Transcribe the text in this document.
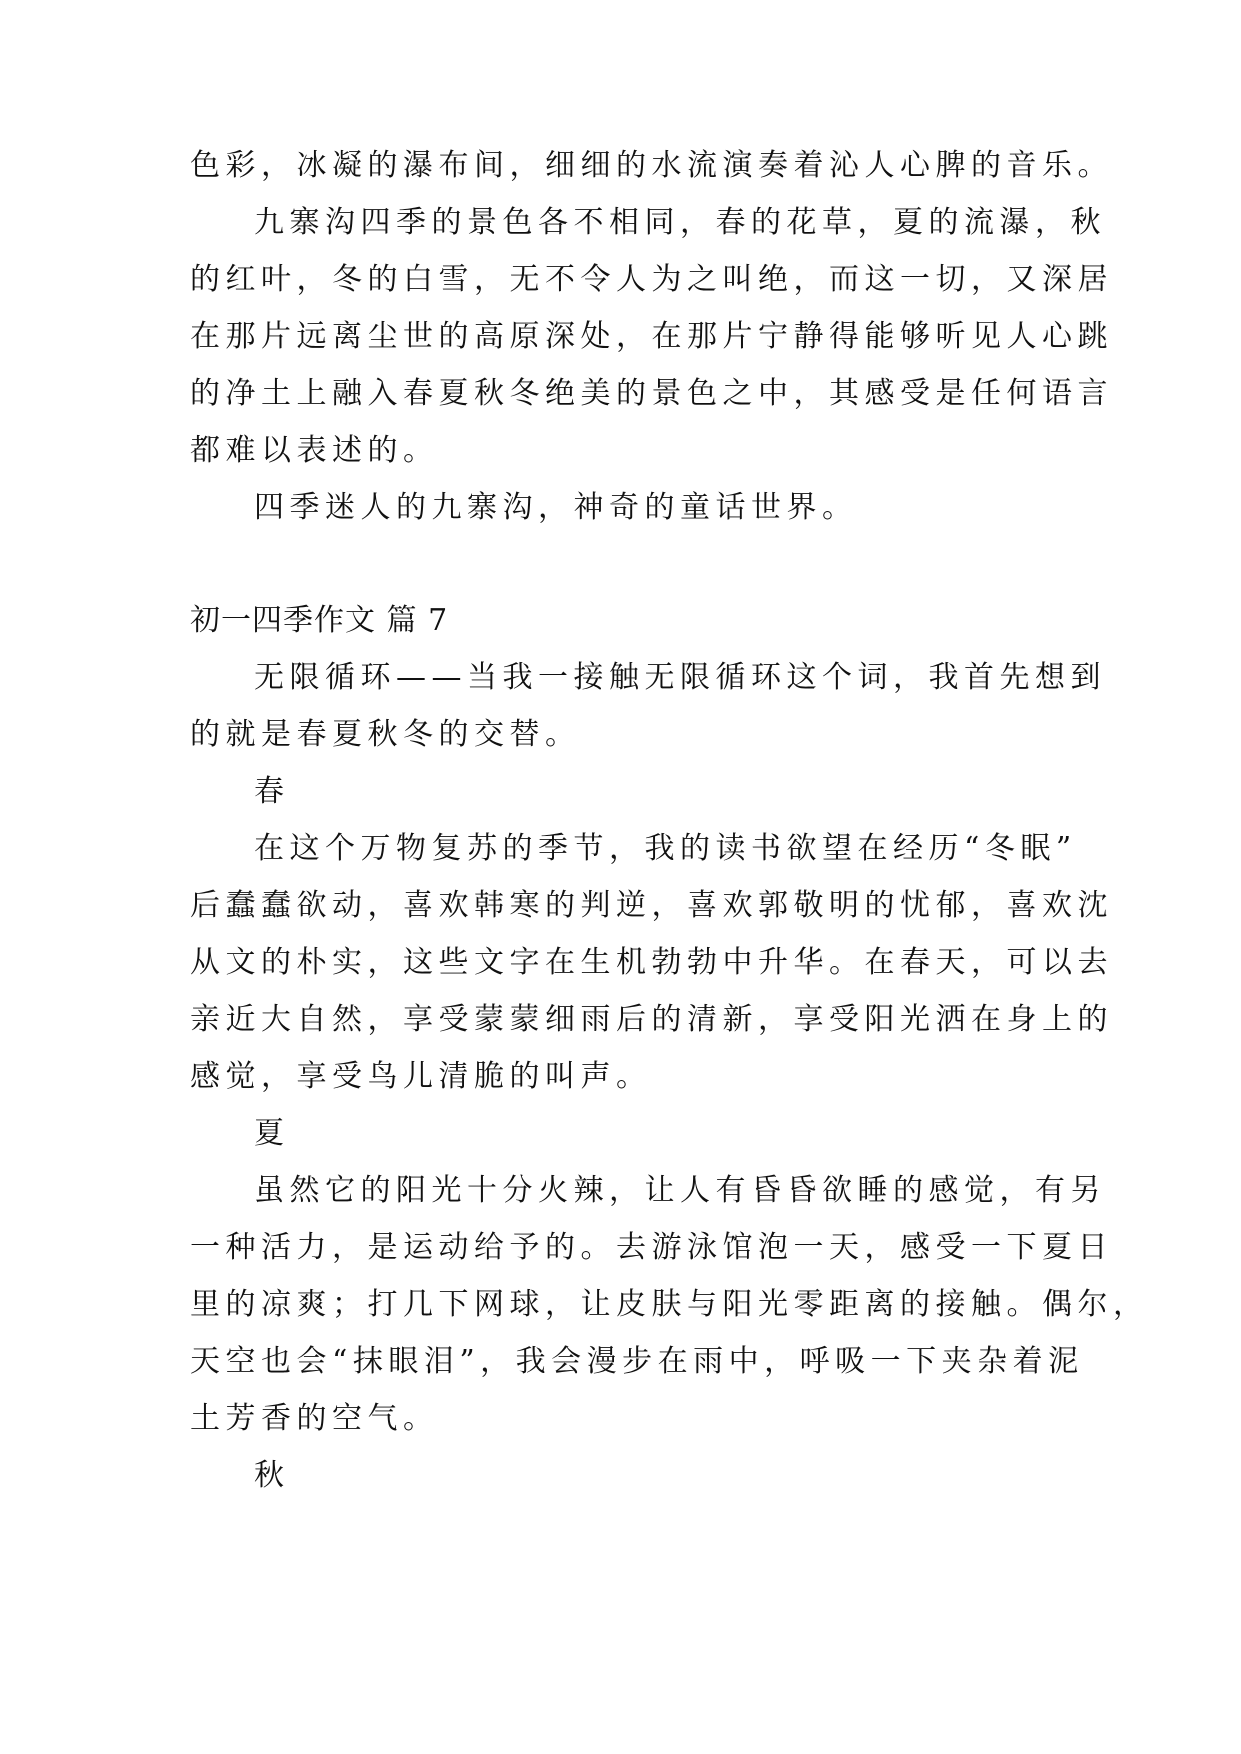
色彩，冰凝的瀑布间，细细的水流演奏着沁人心脾的音乐。

九寨沟四季的景色各不相同，春的花草，夏的流瀑，秋

的红叶，冬的白雪，无不令人为之叫绝，而这一切，又深居

在那片远离尘世的高原深处，在那片宁静得能够听见人心跳

的净土上融入春夏秋冬绝美的景色之中，其感受是任何语言

都难以表述的。

四季迷人的九寨沟，神奇的童话世界。

初一四季作文 篇 7

无限循环——当我一接触无限循环这个词，我首先想到

的就是春夏秋冬的交替。

春

在这个万物复苏的季节，我的读书欲望在经历“冬眠”

后蠢蠢欲动，喜欢韩寒的判逆，喜欢郭敬明的忧郁，喜欢沈

从文的朴实，这些文字在生机勃勃中升华。在春天，可以去

亲近大自然，享受蒙蒙细雨后的清新，享受阳光洒在身上的

感觉，享受鸟儿清脆的叫声。

夏

虽然它的阳光十分火辣，让人有昏昏欲睡的感觉，有另

一种活力，是运动给予的。去游泳馆泡一天，感受一下夏日

里的凉爽；打几下网球，让皮肤与阳光零距离的接触。偶尔，

天空也会“抹眼泪”，我会漫步在雨中，呼吸一下夹杂着泥

土芳香的空气。

秋
